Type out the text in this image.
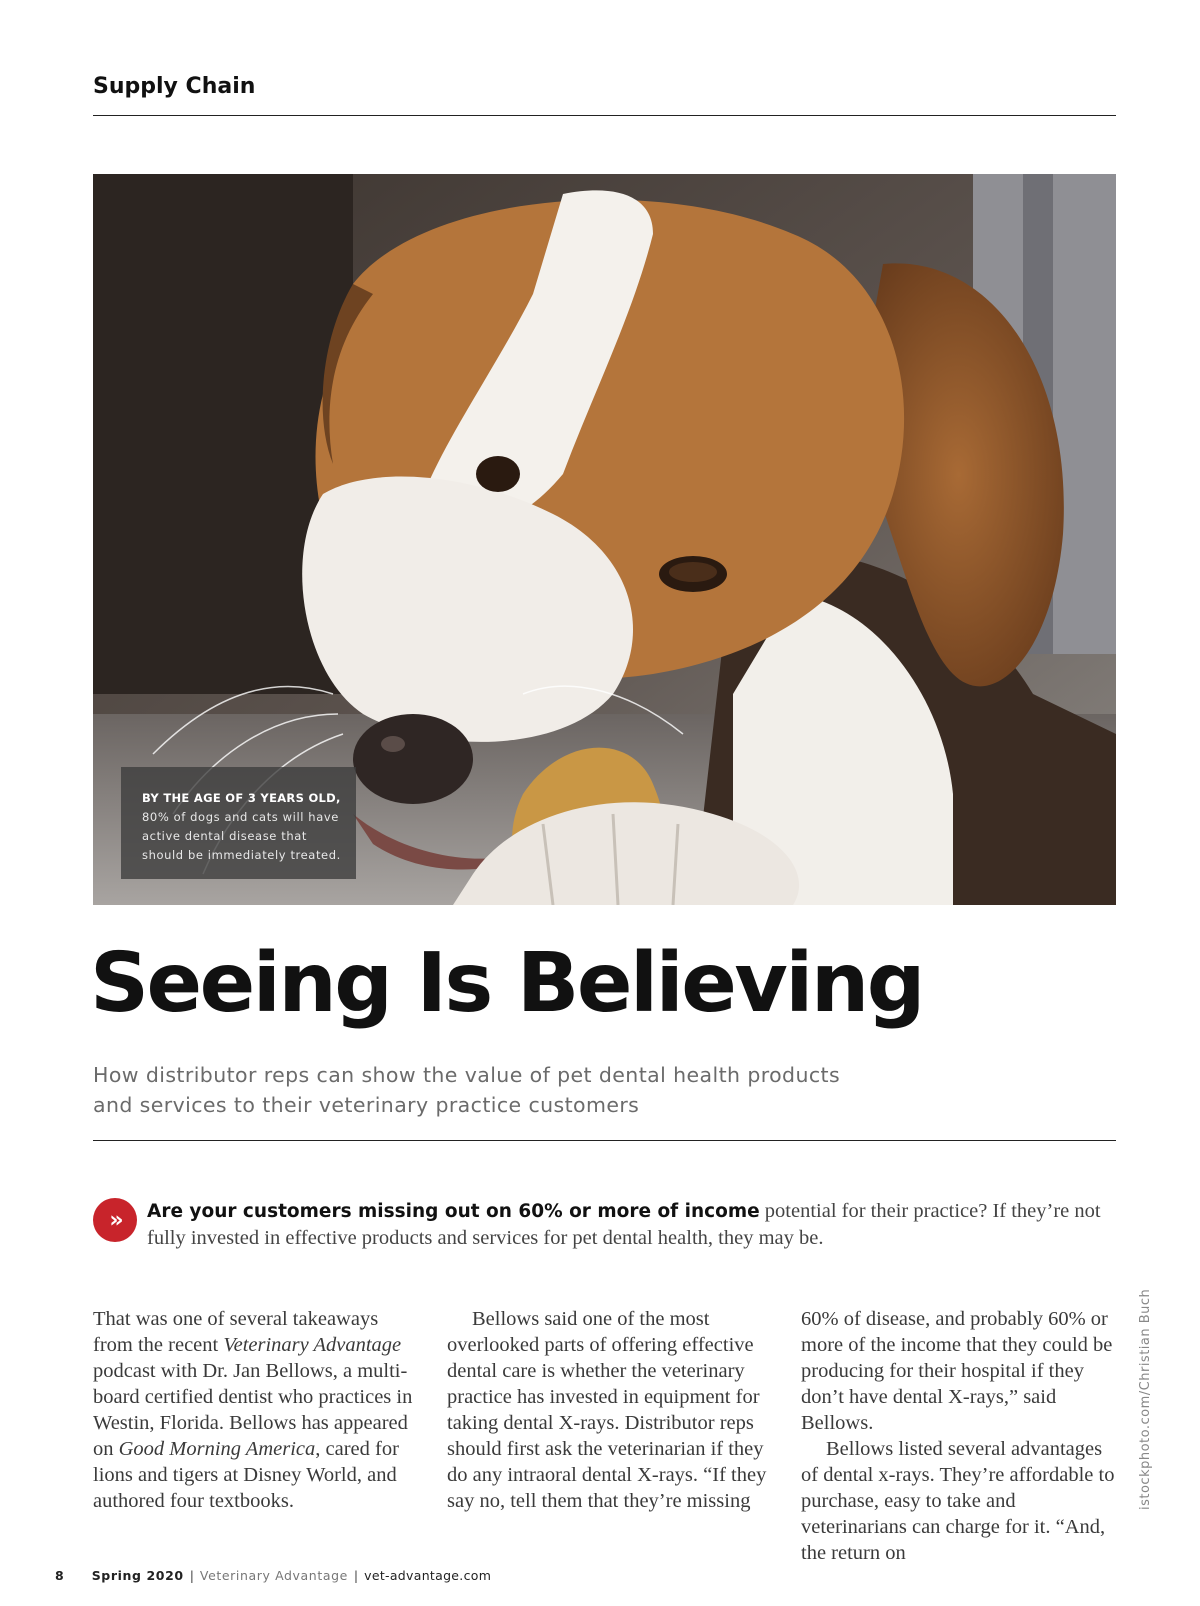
Supply Chain
BY THE AGE OF 3 YEARS OLD,
80% of dogs and cats will have
active dental disease that
should be immediately treated.
Seeing Is Believing

How distributor reps can show the value of pet dental health products
and services to their veterinary practice customers

»	Are your customers missing out on 60% or more of income potential for their practice? If they’re not fully invested in effective products and services for pet dental health, they may be.

That was one of several takeaways from the recent Veterinary Advantage podcast with Dr. Jan Bellows, a multi-board certified dentist who practices in Westin, Florida. Bellows has appeared on Good Morning America, cared for lions and tigers at Disney World, and authored four textbooks.

Bellows said one of the most overlooked parts of offering effective dental care is whether the veterinary practice has invested in equipment for taking dental X-rays. Distributor reps should first ask the veterinarian if they do any intraoral dental X-rays. “If they say no, tell them that they’re missing

60% of disease, and probably 60% or more of the income that they could be producing for their hospital if they don’t have dental X-rays,” said Bellows.

Bellows listed several advantages of dental x-rays. They’re affordable to purchase, easy to take and veterinarians can charge for it. “And, the return on

istockphoto.com/Christian Buch
8 Spring 2020 | Veterinary Advantage | vet-advantage.com
